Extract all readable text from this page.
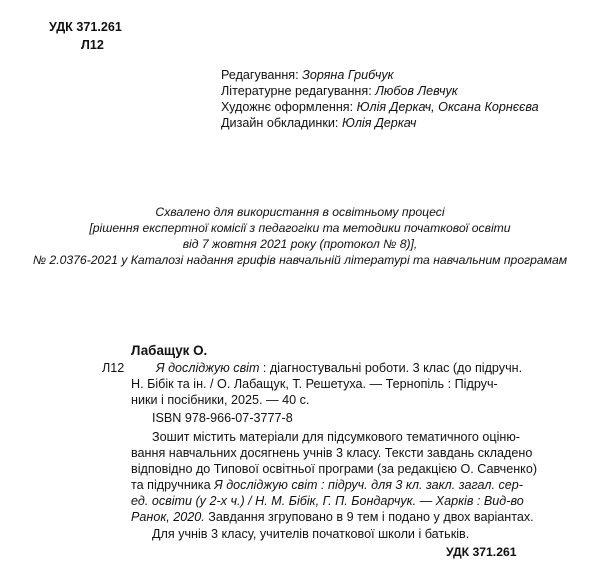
УДК 371.261
Л12
Редагування: Зоряна Грибчук
Літературне редагування: Любов Левчук
Художнє оформлення: Юлія Деркач, Оксана Корнєєва
Дизайн обкладинки: Юлія Деркач
Схвалено для використання в освітньому процесі
[рішення експертної комісії з педагогіки та методики початкової освіти
від 7 жовтня 2021 року (протокол № 8)],
№ 2.0376-2021 у Каталозі надання грифів навчальній літературі та навчальним програмам
Лабащук О.
Л12	Я досліджую світ : діагностувальні роботи. 3 клас (до підручн.
Н. Бібік та ін. / О. Лабащук, Т. Решетуха. — Тернопіль : Підруч-
ники і посібники, 2025. — 40 с.
ISBN 978-966-07-3777-8
Зошит містить матеріали для підсумкового тематичного оціню-
вання навчальних досягнень учнів 3 класу. Тексти завдань складено
відповідно до Типової освітньої програми (за редакцією О. Савченко)
та підручника Я досліджую світ : підруч. для 3 кл. закл. загал. сер-
ед. освіти (у 2-х ч.) / Н. М. Бібік, Г. П. Бондарчук. — Харків : Вид-во
Ранок, 2020. Завдання згруповано в 9 тем і подано у двох варіантах.
Для учнів 3 класу, учителів початкової школи і батьків.
УДК 371.261
